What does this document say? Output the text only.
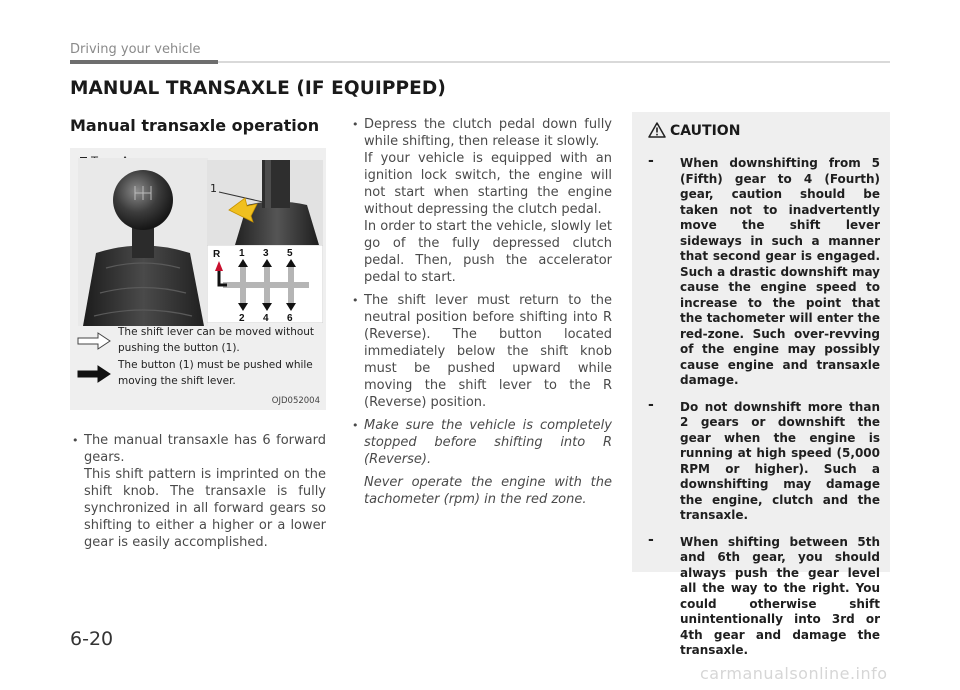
Driving your vehicle
MANUAL TRANSAXLE (IF EQUIPPED)
Manual transaxle operation
1
R 1 3 5
2 4 6
The shift lever can be moved without pushing the button (1).
The button (1) must be pushed while moving the shift lever.
OJD052004

• The manual transaxle has 6 forward gears.

This shift pattern is imprinted on the shift knob. The transaxle is fully synchronized in all forward gears so shifting to either a higher or a lower gear is easily accomplished.

• Depress the clutch pedal down fully while shifting, then release it slowly.

If your vehicle is equipped with an ignition lock switch, the engine will not start when starting the engine without depressing the clutch pedal.

In order to start the vehicle, slowly let go of the fully depressed clutch pedal. Then, push the accelerator pedal to start.

• The shift lever must return to the neutral position before shifting into R (Reverse). The button located immediately below the shift knob must be pushed upward while moving the shift lever to the R (Reverse) position.

• Make sure the vehicle is completely stopped before shifting into R (Reverse).

Never operate the engine with the tachometer (rpm) in the red zone.

CAUTION
- When downshifting from 5 (Fifth) gear to 4 (Fourth) gear, caution should be taken not to inadvertently move the shift lever sideways in such a manner that second gear is engaged. Such a drastic downshift may cause the engine speed to increase to the point that the tachometer will enter the red-zone. Such over-revving of the engine may possibly cause engine and transaxle damage.
- Do not downshift more than 2 gears or downshift the gear when the engine is running at high speed (5,000 RPM or higher). Such a downshifting may damage the engine, clutch and the transaxle.
- When shifting between 5th and 6th gear, you should always push the gear level all the way to the right. You could otherwise shift unintentionally into 3rd or 4th gear and damage the transaxle.
6-20
carmanualsonline.info
